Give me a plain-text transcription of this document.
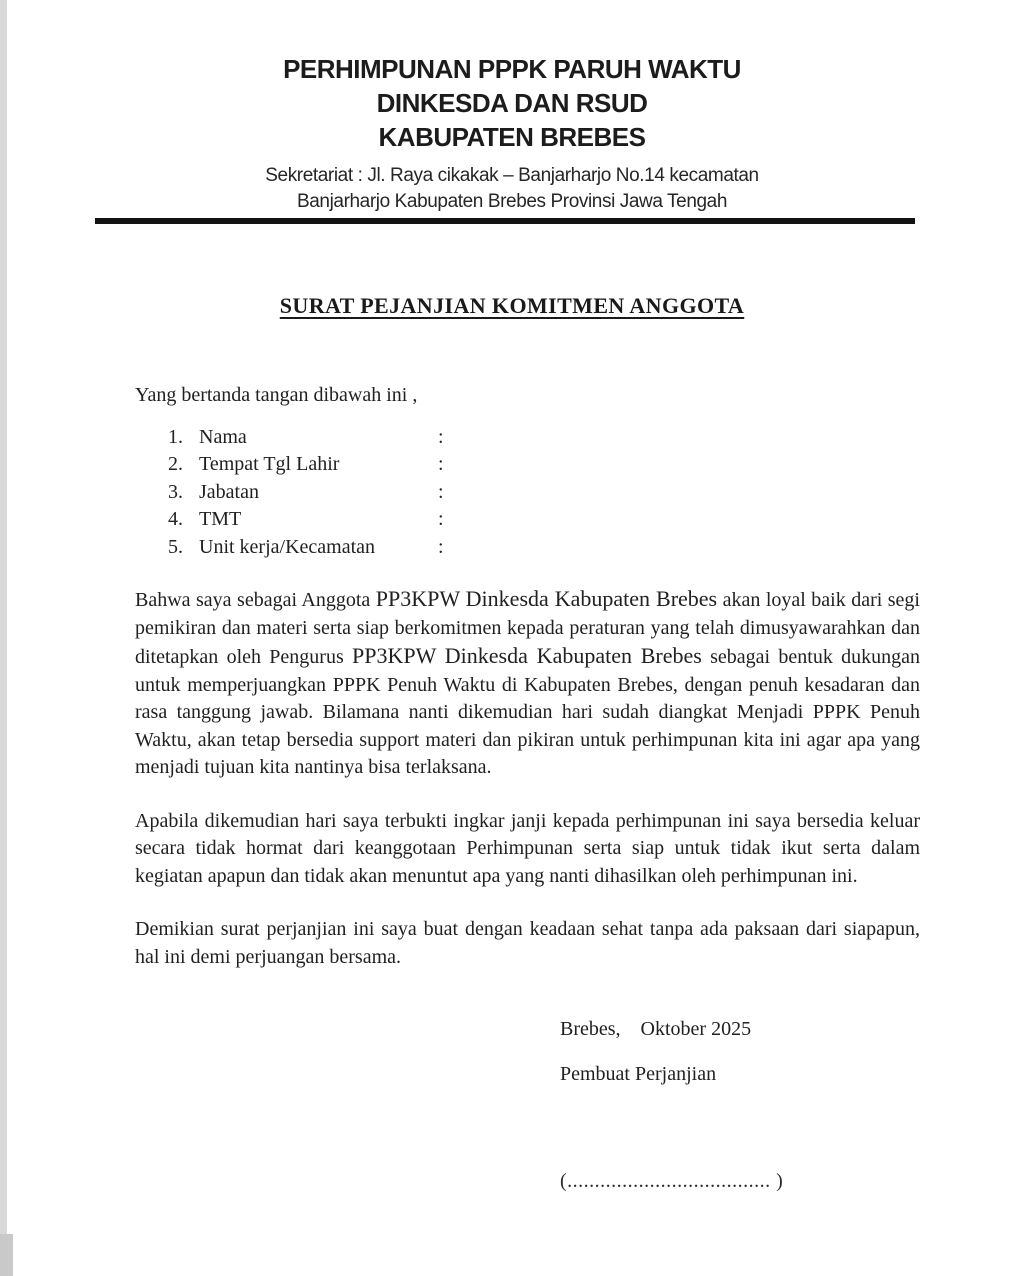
PERHIMPUNAN PPPK PARUH WAKTU
DINKESDA DAN RSUD
KABUPATEN BREBES
Sekretariat : Jl. Raya cikakak – Banjarharjo No.14 kecamatan
Banjarharjo Kabupaten Brebes Provinsi Jawa Tengah
SURAT PEJANJIAN KOMITMEN ANGGOTA

Yang bertanda tangan dibawah ini ,

1. Nama	:
2. Tempat Tgl Lahir	:
3. Jabatan	:
4. TMT	:
5. Unit kerja/Kecamatan	:

Bahwa saya sebagai Anggota PP3KPW Dinkesda Kabupaten Brebes akan loyal baik dari segi pemikiran dan materi serta siap berkomitmen kepada peraturan yang telah dimusyawarahkan dan ditetapkan oleh Pengurus PP3KPW Dinkesda Kabupaten Brebes sebagai bentuk dukungan untuk memperjuangkan PPPK Penuh Waktu di Kabupaten Brebes, dengan penuh kesadaran dan rasa tanggung jawab. Bilamana nanti dikemudian hari sudah diangkat Menjadi PPPK Penuh Waktu, akan tetap bersedia support materi dan pikiran untuk perhimpunan kita ini agar apa yang menjadi tujuan kita nantinya bisa terlaksana.

Apabila dikemudian hari saya terbukti ingkar janji kepada perhimpunan ini saya bersedia keluar secara tidak hormat dari keanggotaan Perhimpunan serta siap untuk tidak ikut serta dalam kegiatan apapun dan tidak akan menuntut apa yang nanti dihasilkan oleh perhimpunan ini.

Demikian surat perjanjian ini saya buat dengan keadaan sehat tanpa ada paksaan dari siapapun, hal ini demi perjuangan bersama.

Brebes,    Oktober 2025
Pembuat Perjanjian
(..................................... )
